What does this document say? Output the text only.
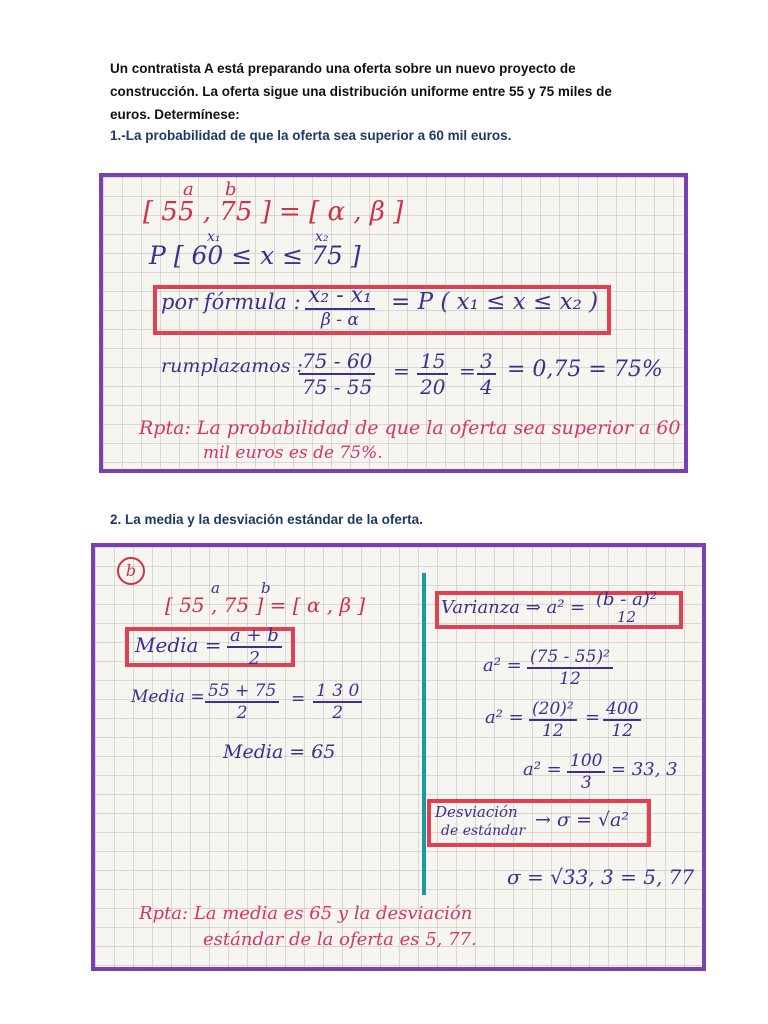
Un contratista A está preparando una oferta sobre un nuevo proyecto de
construcción. La oferta sigue una distribución uniforme entre 55 y 75 miles de
euros. Determínese:
1.-La probabilidad de que la oferta sea superior a 60 mil euros.
a b
[ 55 , 75 ] = [ α , β ]
x₁	x₂
P [ 60 ≤ x ≤ 75 ]
por fórmula : x₂ - x₁
β - α
= P ( x₁ ≤ x ≤ x₂ )
rumplazamos :
$\frac{75 - 60}{75 - 55} = \frac{15}{20} = \frac{3}{4} = 0,75 = 75\%$
Rpta: La probabilidad de que la oferta sea superior a 60
mil euros es de 75%.
2. La media y la desviación estándar de la oferta.
b
a	b
[ 55 , 75 ] = [ α , β ]
Media = $\frac{a + b}{2}$
Media = $\frac{55 + 75}{2} = \frac{1 3 0}{2}$
Media = 65
Varianza ⇒ a² = (b - a)²
12
$a^2 = \frac{\text{(75 - 55)²}}{12}$
$a^2 = \frac{\text{(20)²}}{12} = \frac{400}{12}$
$a^2 = \frac{100}{3} = 33$, 3
Desviación
de estándar → σ = √a²
σ = √33, 3 = 5, 77
Rpta: La media es 65 y la desviación
estándar de la oferta es 5, 77.
